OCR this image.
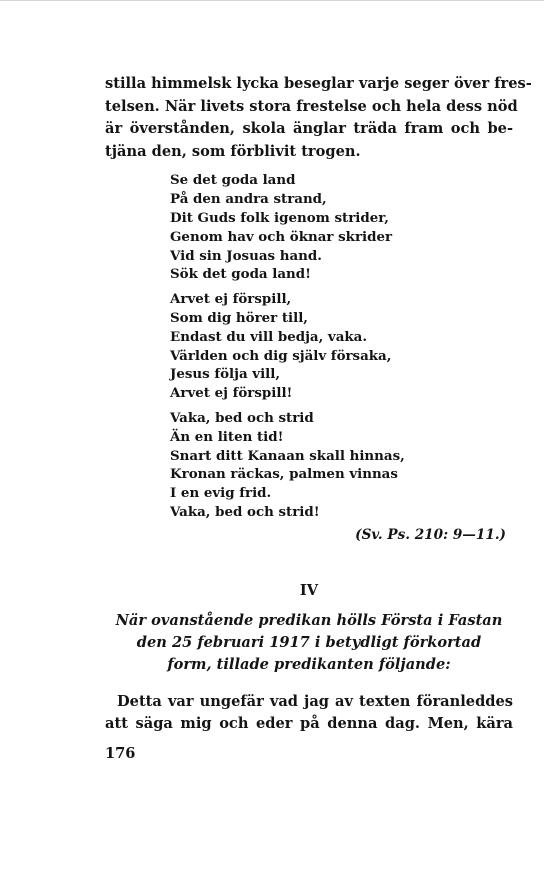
stilla himmelsk lycka beseglar varje seger över fres-
telsen. När livets stora frestelse och hela dess nöd
är överstånden, skola änglar träda fram och be-
tjäna den, som förblivit trogen.
Se det goda land
På den andra strand,
Dit Guds folk igenom strider,
Genom hav och öknar skrider
Vid sin Josuas hand.
Sök det goda land!
Arvet ej förspill,
Som dig hörer till,
Endast du vill bedja, vaka.
Världen och dig själv försaka,
Jesus följa vill,
Arvet ej förspill!
Vaka, bed och strid
Än en liten tid!
Snart ditt Kanaan skall hinnas,
Kronan räckas, palmen vinnas
I en evig frid.
Vaka, bed och strid!
(Sv. Ps. 210: 9—11.)
IV
När ovanstående predikan hölls Första i Fastan
den 25 februari 1917 i betydligt förkortad
form, tillade predikanten följande:
Detta var ungefär vad jag av texten föranleddes
att säga mig och eder på denna dag. Men, kära
176
